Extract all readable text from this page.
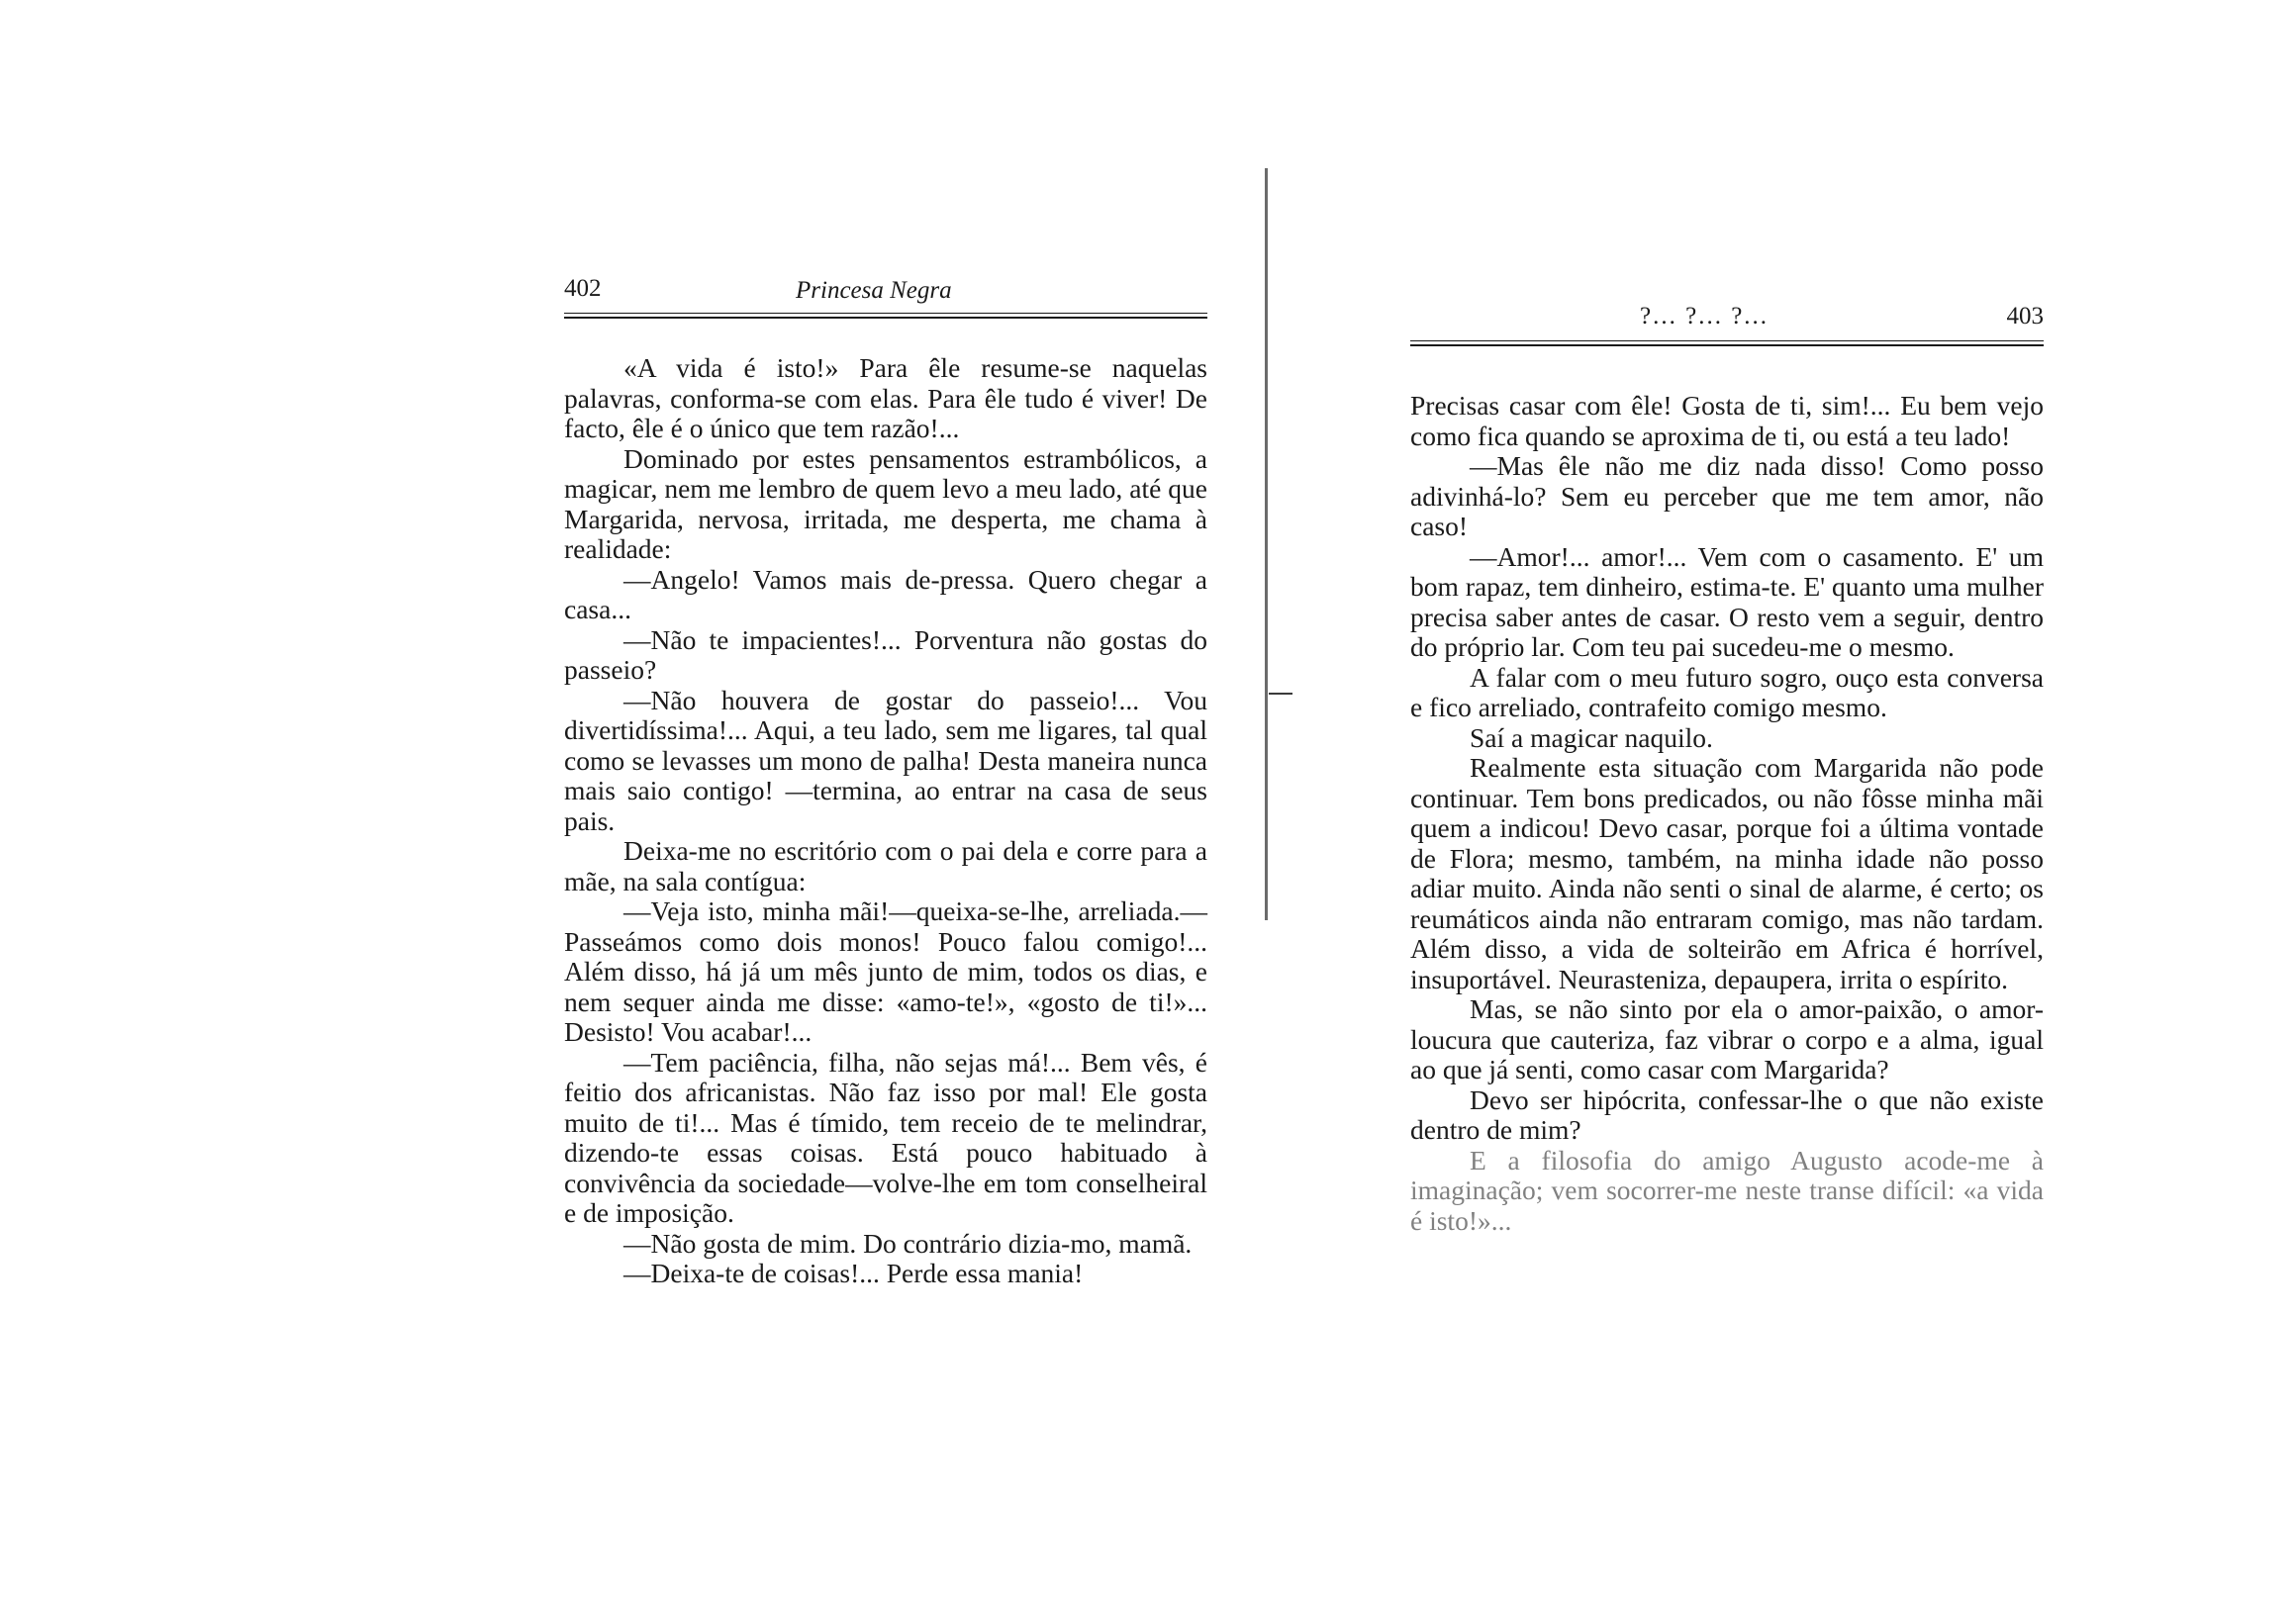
402	Princesa Negra

«A vida é isto!» Para êle resume-se naquelas palavras, conforma-se com elas. Para êle tudo é viver! De facto, êle é o único que tem razão!...

Dominado por estes pensamentos estrambólicos, a magicar, nem me lembro de quem levo a meu lado, até que Margarida, nervosa, irritada, me desperta, me chama à realidade:

—Angelo! Vamos mais de-pressa. Quero chegar a casa...

—Não te impacientes!... Porventura não gostas do passeio?

—Não houvera de gostar do passeio!... Vou divertidíssima!... Aqui, a teu lado, sem me ligares, tal qual como se levasses um mono de palha! Desta maneira nunca mais saio contigo! —termina, ao entrar na casa de seus pais.

Deixa-me no escritório com o pai dela e corre para a mãe, na sala contígua:

—Veja isto, minha mãi!—queixa-se-lhe, arreliada.—Passeámos como dois monos! Pouco falou comigo!... Além disso, há já um mês junto de mim, todos os dias, e nem sequer ainda me disse: «amo-te!», «gosto de ti!»... Desisto! Vou acabar!...

—Tem paciência, filha, não sejas má!... Bem vês, é feitio dos africanistas. Não faz isso por mal! Ele gosta muito de ti!... Mas é tímido, tem receio de te melindrar, dizendo-te essas coisas. Está pouco habituado à convivência da sociedade—volve-lhe em tom conselheiral e de imposição.

—Não gosta de mim. Do contrário dizia-mo, mamã.

—Deixa-te de coisas!... Perde essa mania!

?... ?... ?...	403

Precisas casar com êle! Gosta de ti, sim!... Eu bem vejo como fica quando se aproxima de ti, ou está a teu lado!

—Mas êle não me diz nada disso! Como posso adivinhá-lo? Sem eu perceber que me tem amor, não caso!

—Amor!... amor!... Vem com o casamento. E' um bom rapaz, tem dinheiro, estima-te. E' quanto uma mulher precisa saber antes de casar. O resto vem a seguir, dentro do próprio lar. Com teu pai sucedeu-me o mesmo.

A falar com o meu futuro sogro, ouço esta conversa e fico arreliado, contrafeito comigo mesmo.

Saí a magicar naquilo.

Realmente esta situação com Margarida não pode continuar. Tem bons predicados, ou não fôsse minha mãi quem a indicou! Devo casar, porque foi a última vontade de Flora; mesmo, também, na minha idade não posso adiar muito. Ainda não senti o sinal de alarme, é certo; os reumáticos ainda não entraram comigo, mas não tardam. Além disso, a vida de solteirão em Africa é horrível, insuportável. Neurasteniza, depaupera, irrita o espírito.

Mas, se não sinto por ela o amor-paixão, o amor-loucura que cauteriza, faz vibrar o corpo e a alma, igual ao que já senti, como casar com Margarida?

Devo ser hipócrita, confessar-lhe o que não existe dentro de mim?

E a filosofia do amigo Augusto acode-me à imaginação; vem socorrer-me neste transe difícil: «a vida é isto!»...
